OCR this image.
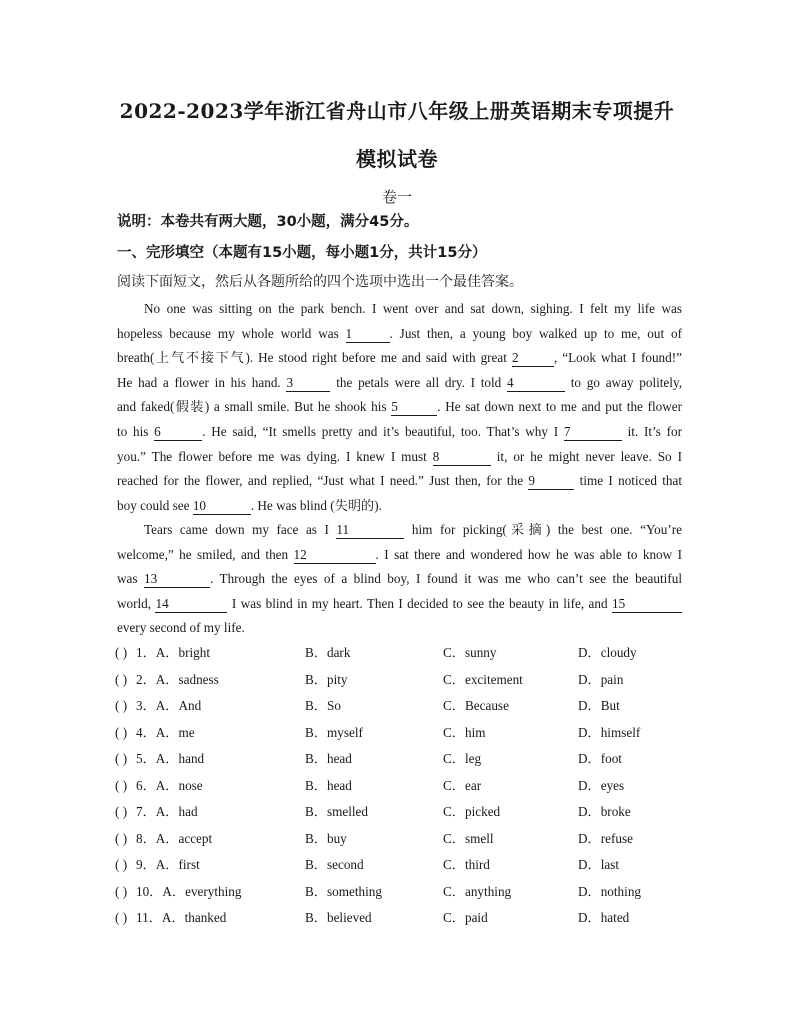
2022-2023学年浙江省舟山市八年级上册英语期末专项提升
模拟试卷
卷一
说明：本卷共有两大题，30小题，满分45分。
一、完形填空（本题有15小题，每小题1分，共计15分）
阅读下面短文，然后从各题所给的四个选项中选出一个最佳答案。
No one was sitting on the park bench. I went over and sat down, sighing. I felt my life was
hopeless because my whole world was 1	. Just then, a young boy walked up to me, out of
breath(上气不接下气). He stood right before me and said with great 2	, “Look what I found!”
He had a flower in his hand. 3	the petals were all dry. I told 4	to go away politely,
and faked(假装) a small smile. But he shook his 5	. He sat down next to me and put the flower
to his 6	. He said, “It smells pretty and it’s beautiful, too. That’s why I 7	it. It’s for
you.” The flower before me was dying. I knew I must 8	it, or he might never leave. So I
reached for the flower, and replied, “Just what I need.” Just then, for the 9	time I noticed that
boy could see 10	. He was blind (失明的).
Tears came down my face as I 11	him for picking(采摘) the best one. “You’re
welcome,” he smiled, and then 12	. I sat there and wondered how he was able to know I
was 13	. Through the eyes of a blind boy, I found it was me who can’t see the beautiful
world, 14	I was blind in my heart. Then I decided to see the beauty in life, and 15
every second of my life.
( ) 1．A．bright	B．dark	C．sunny	D．cloudy
( ) 2．A．sadness	B．pity	C．excitement	D．pain
( ) 3．A．And	B．So	C．Because	D．But
( ) 4．A．me	B．myself	C．him	D．himself
( ) 5．A．hand	B．head	C．leg	D．foot
( ) 6．A．nose	B．head	C．ear	D．eyes
( ) 7．A．had	B．smelled	C．picked	D．broke
( ) 8．A．accept	B．buy	C．smell	D．refuse
( ) 9．A．first	B．second	C．third	D．last
( ) 10．A．everything	B．something	C．anything	D．nothing
( ) 11．A．thanked	B．believed	C．paid	D．hated
